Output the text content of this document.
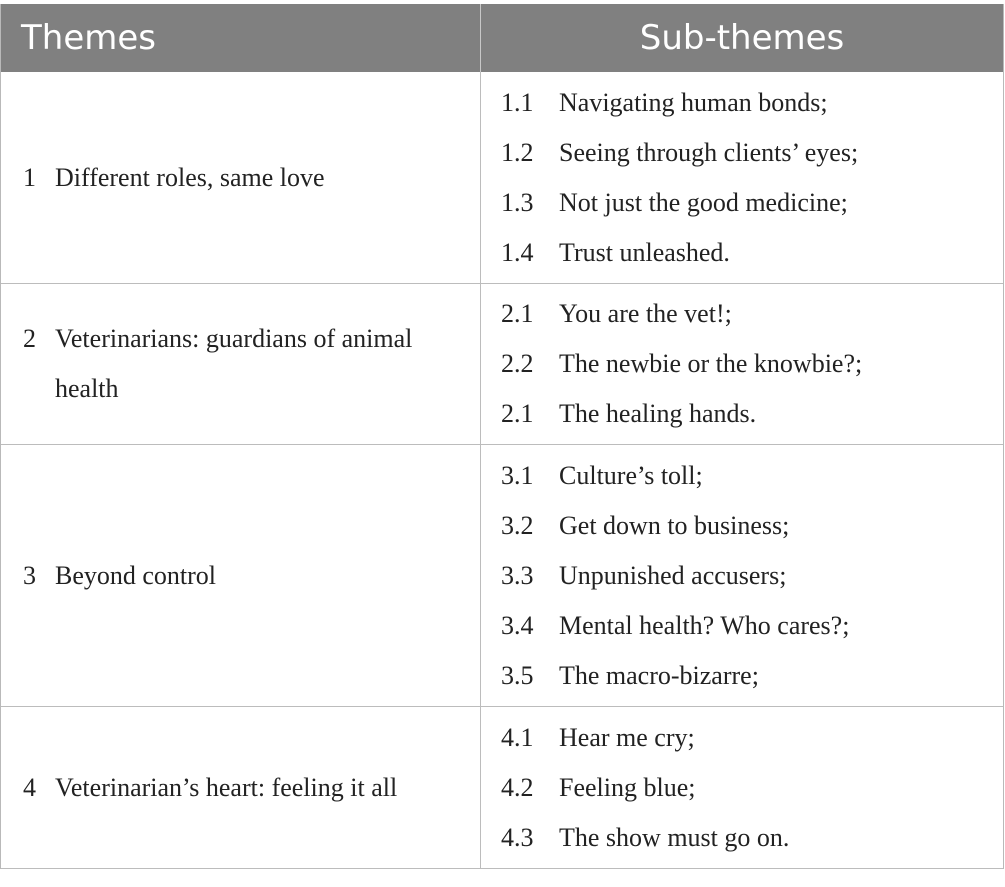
Themes	Sub-themes
1 Different roles, same love
1.1 Navigating human bonds;
1.2 Seeing through clients’ eyes;
1.3 Not just the good medicine;
1.4 Trust unleashed.
2 Veterinarians: guardians of animal health
2.1 You are the vet!;
2.2 The newbie or the knowbie?;
2.1 The healing hands.
3 Beyond control
3.1 Culture’s toll;
3.2 Get down to business;
3.3 Unpunished accusers;
3.4 Mental health? Who cares?;
3.5 The macro-bizarre;
4 Veterinarian’s heart: feeling it all
4.1 Hear me cry;
4.2 Feeling blue;
4.3 The show must go on.
